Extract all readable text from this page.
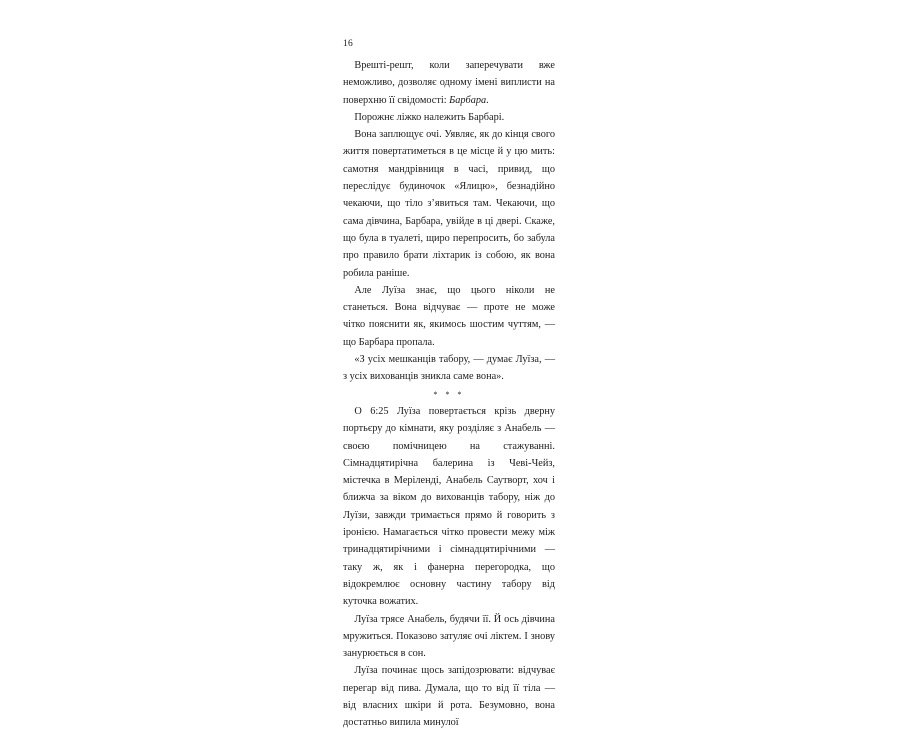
16

Врешті-решт, коли заперечувати вже неможливо, дозволяє одному імені виплисти на поверхню її свідомості: Барбара.

Порожнє ліжко належить Барбарі.

Вона заплющує очі. Уявляє, як до кінця свого життя повертатиметься в це місце й у цю мить: самотня мандрівниця в часі, привид, що переслідує будиночок «Ялицю», безнадійно чекаючи, що тіло з’явиться там. Чекаючи, що сама дівчина, Барбара, увійде в ці двері. Скаже, що була в туалеті, щиро перепросить, бо забула про правило брати ліхтарик із собою, як вона робила раніше.

Але Луїза знає, що цього ніколи не станеться. Вона відчуває — проте не може чітко пояснити як, якимось шостим чуттям, — що Барбара пропала.

«З усіх мешканців табору, — думає Луїза, — з усіх вихованців зникла саме вона».

* * *

О 6:25 Луїза повертається крізь дверну портьєру до кімнати, яку розділяє з Анабель — своєю помічницею на стажуванні. Сімнадцятирічна балерина із Чеві-Чейз, містечка в Меріленді, Анабель Саутворт, хоч і ближча за віком до вихованців табору, ніж до Луїзи, завжди тримається прямо й говорить з іронією. Намагається чітко провести межу між тринадцятирічними і сімнадцятирічними — таку ж, як і фанерна перегородка, що відокремлює основну частину табору від куточка вожатих.

Луїза трясе Анабель, будячи її. Й ось дівчина мружиться. Показово затуляє очі ліктем. І знову занурюється в сон.

Луїза починає щось запідозрювати: відчуває перегар від пива. Думала, що то від її тіла — від власних шкіри й рота. Безумовно, вона достатньо випила минулої
